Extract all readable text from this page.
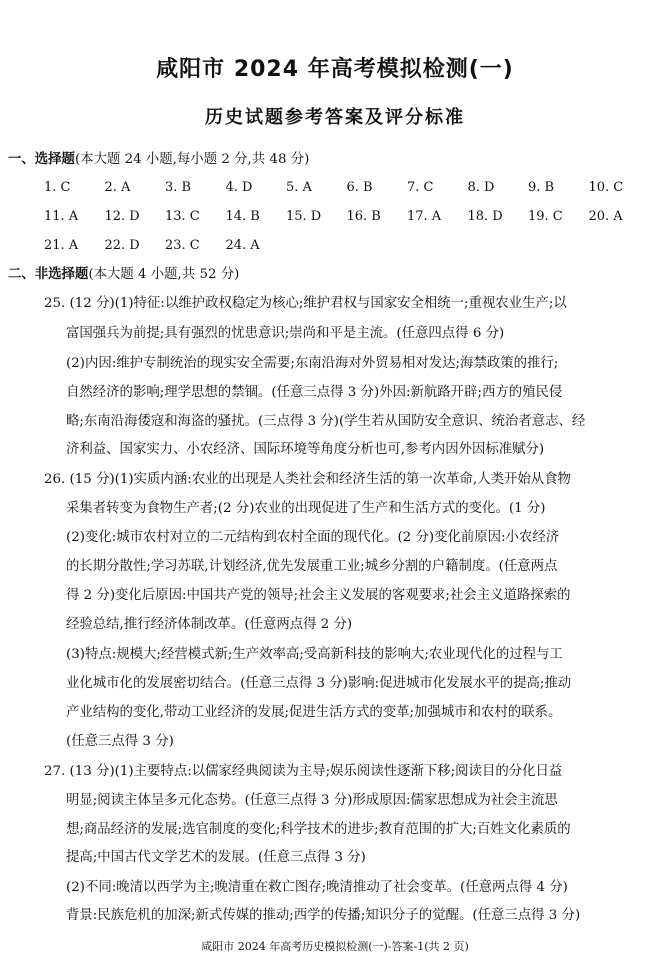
咸阳市 2024 年高考模拟检测(一)
历史试题参考答案及评分标准
一、选择题(本大题 24 小题,每小题 2 分,共 48 分)
1. C	2. A	3. B	4. D	5. A	6. B	7. C	8. D	9. B	10. C
11. A 12. D 13. C 14. B 15. D 16. B 17. A 18. D 19. C 20. A
21. A 22. D 23. C 24. A
二、非选择题(本大题 4 小题,共 52 分)
25. (12 分)(1)特征:以维护政权稳定为核心;维护君权与国家安全相统一;重视农业生产;以
富国强兵为前提;具有强烈的忧患意识;崇尚和平是主流。(任意四点得 6 分)
(2)内因:维护专制统治的现实安全需要;东南沿海对外贸易相对发达;海禁政策的推行;
自然经济的影响;理学思想的禁锢。(任意三点得 3 分)外因:新航路开辟;西方的殖民侵
略;东南沿海倭寇和海盗的骚扰。(三点得 3 分)(学生若从国防安全意识、统治者意志、经
济利益、国家实力、小农经济、国际环境等角度分析也可,参考内因外因标准赋分)
26. (15 分)(1)实质内涵:农业的出现是人类社会和经济生活的第一次革命,人类开始从食物
采集者转变为食物生产者;(2 分)农业的出现促进了生产和生活方式的变化。(1 分)
(2)变化:城市农村对立的二元结构到农村全面的现代化。(2 分)变化前原因:小农经济
的长期分散性;学习苏联,计划经济,优先发展重工业;城乡分割的户籍制度。(任意两点
得 2 分)变化后原因:中国共产党的领导;社会主义发展的客观要求;社会主义道路探索的
经验总结,推行经济体制改革。(任意两点得 2 分)
(3)特点:规模大;经营模式新;生产效率高;受高新科技的影响大;农业现代化的过程与工
业化城市化的发展密切结合。(任意三点得 3 分)影响:促进城市化发展水平的提高;推动
产业结构的变化,带动工业经济的发展;促进生活方式的变革;加强城市和农村的联系。
(任意三点得 3 分)
27. (13 分)(1)主要特点:以儒家经典阅读为主导;娱乐阅读性逐渐下移;阅读目的分化日益
明显;阅读主体呈多元化态势。(任意三点得 3 分)形成原因:儒家思想成为社会主流思
想;商品经济的发展;选官制度的变化;科学技术的进步;教育范围的扩大;百姓文化素质的
提高;中国古代文学艺术的发展。(任意三点得 3 分)
(2)不同:晚清以西学为主;晚清重在救亡图存;晚清推动了社会变革。(任意两点得 4 分)
背景:民族危机的加深;新式传媒的推动;西学的传播;知识分子的觉醒。(任意三点得 3 分)
咸阳市 2024 年高考历史模拟检测(一)-答案-1(共 2 页)
